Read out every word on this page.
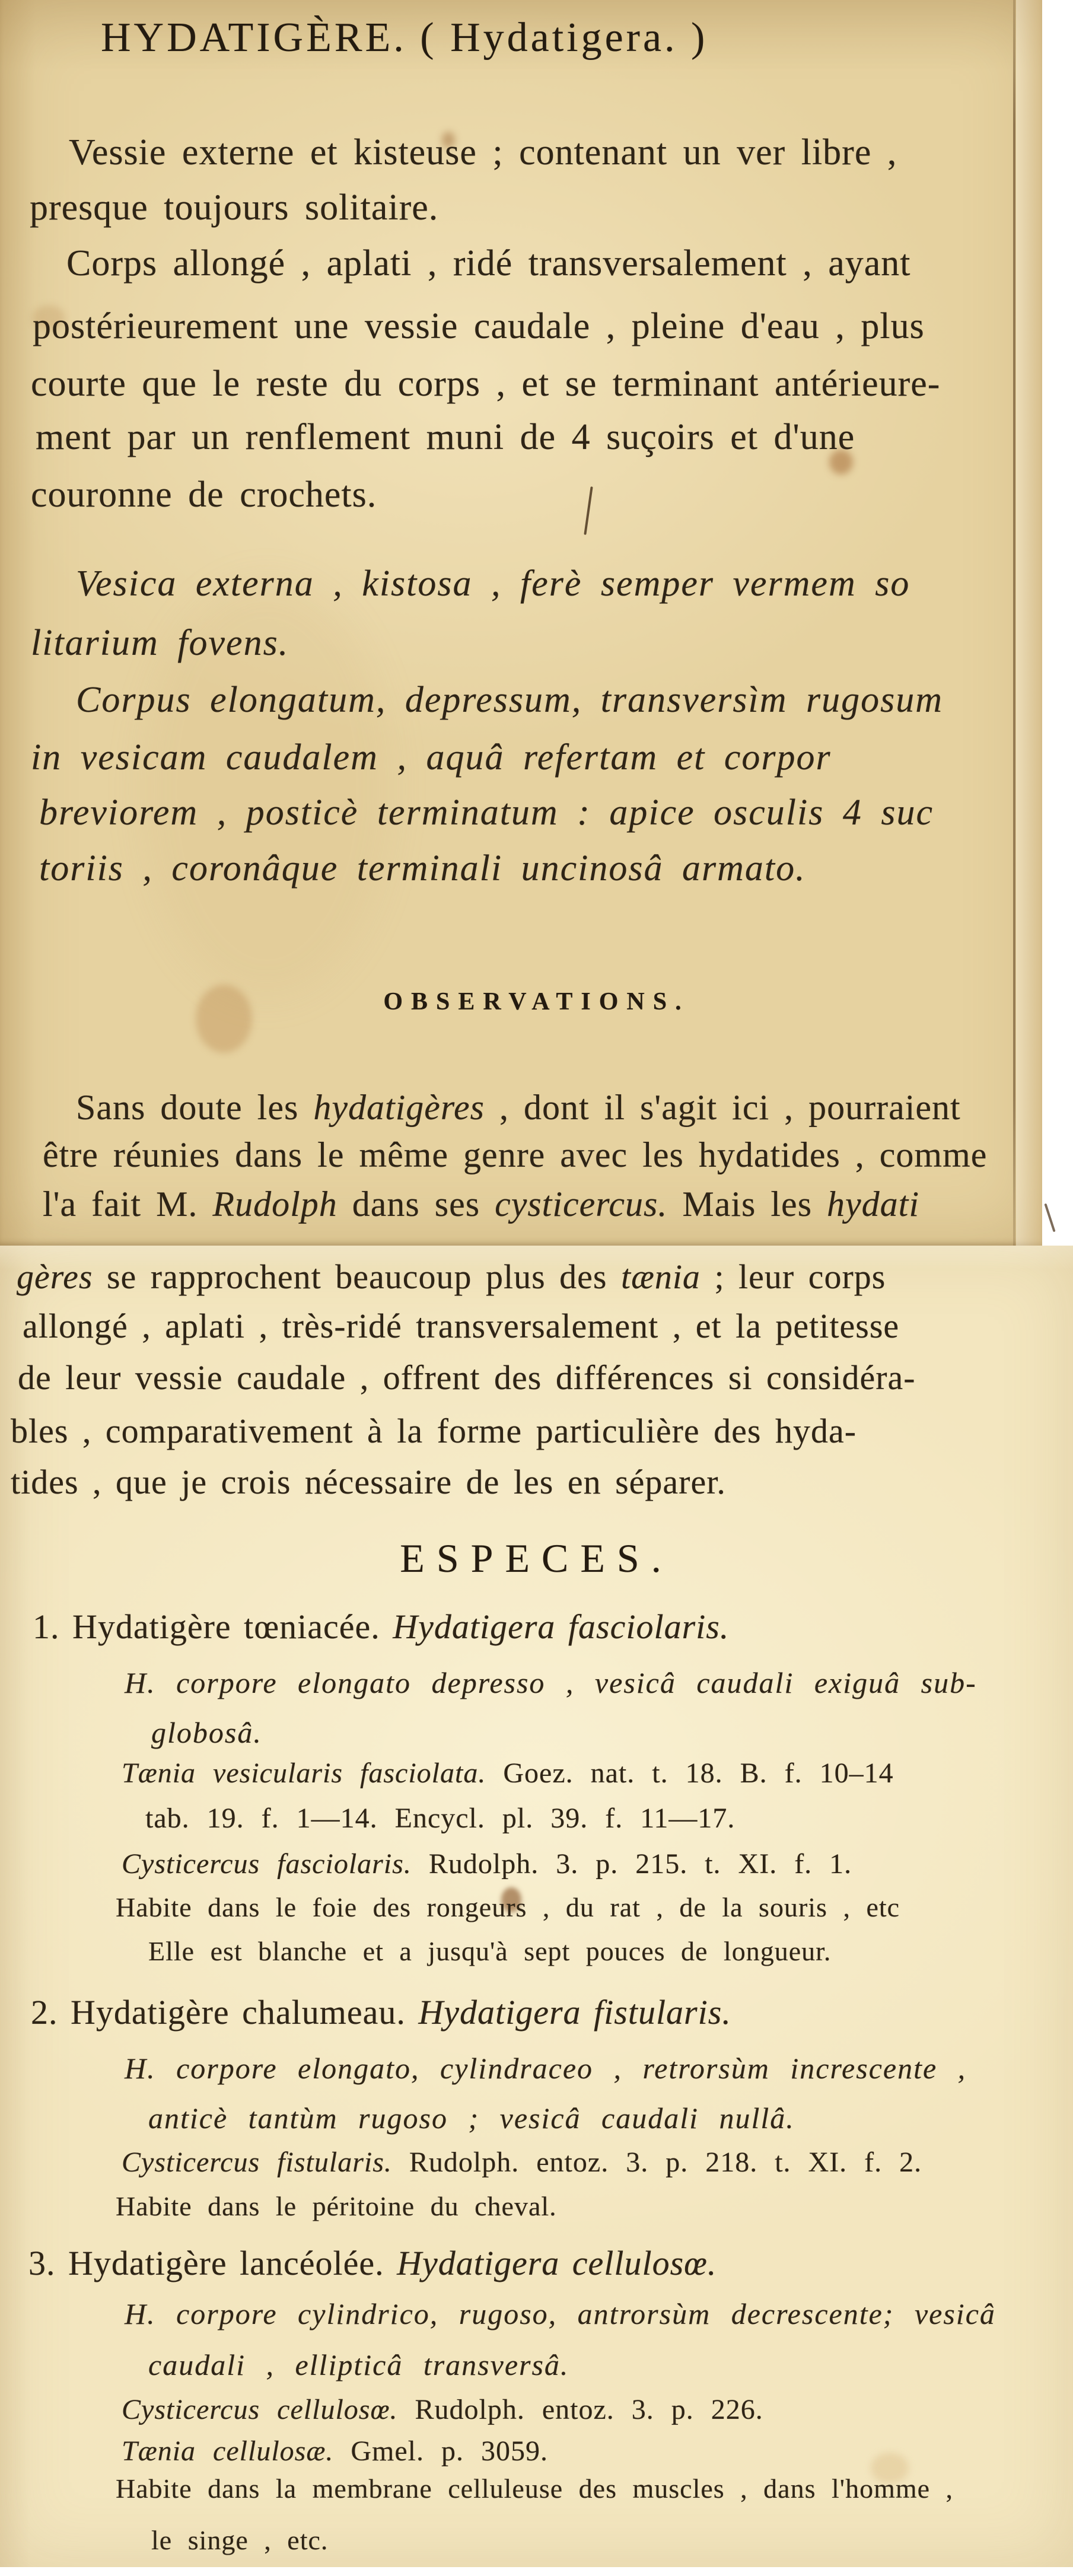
HYDATIGÈRE. ( Hydatigera. )
Vessie externe et kisteuse ; contenant un ver libre ,
presque toujours solitaire.
Corps allongé , aplati , ridé transversalement , ayant
postérieurement une vessie caudale , pleine d'eau , plus
courte que le reste du corps , et se terminant antérieure-
ment par un renflement muni de 4 suçoirs et d'une
couronne de crochets.
Vesica externa , kistosa , ferè semper vermem so
litarium fovens.
Corpus elongatum, depressum, transversìm rugosum
in vesicam caudalem , aquâ refertam et corpor
breviorem , posticè terminatum : apice osculis 4 suc
toriis , coronâque terminali uncinosâ armato.
OBSERVATIONS.
Sans doute les hydatigères , dont il s'agit ici , pourraient
être réunies dans le même genre avec les hydatides , comme
l'a fait M. Rudolph dans ses cysticercus. Mais les hydati
gères se rapprochent beaucoup plus des tænia ; leur corps
allongé , aplati , très-ridé transversalement , et la petitesse
de leur vessie caudale , offrent des différences si considéra-
bles , comparativement à la forme particulière des hyda-
tides , que je crois nécessaire de les en séparer.
ESPECES.
1. Hydatigère tœniacée. Hydatigera fasciolaris.
H. corpore elongato depresso , vesicâ caudali exiguâ sub-
globosâ.
Tænia vesicularis fasciolata. Goez. nat. t. 18. B. f. 10–14
tab. 19. f. 1—14. Encycl. pl. 39. f. 11—17.
Cysticercus fasciolaris. Rudolph. 3. p. 215. t. XI. f. 1.
Habite dans le foie des rongeurs , du rat , de la souris , etc
Elle est blanche et a jusqu'à sept pouces de longueur.
2. Hydatigère chalumeau. Hydatigera fistularis.
H. corpore elongato, cylindraceo , retrorsùm increscente ,
anticè tantùm rugoso ; vesicâ caudali nullâ.
Cysticercus fistularis. Rudolph. entoz. 3. p. 218. t. XI. f. 2.
Habite dans le péritoine du cheval.
3. Hydatigère lancéolée. Hydatigera cellulosœ.
H. corpore cylindrico, rugoso, antrorsùm decrescente; vesicâ
caudali , ellipticâ transversâ.
Cysticercus cellulosœ. Rudolph. entoz. 3. p. 226.
Tænia cellulosæ. Gmel. p. 3059.
Habite dans la membrane celluleuse des muscles , dans l'homme ,
le singe , etc.
